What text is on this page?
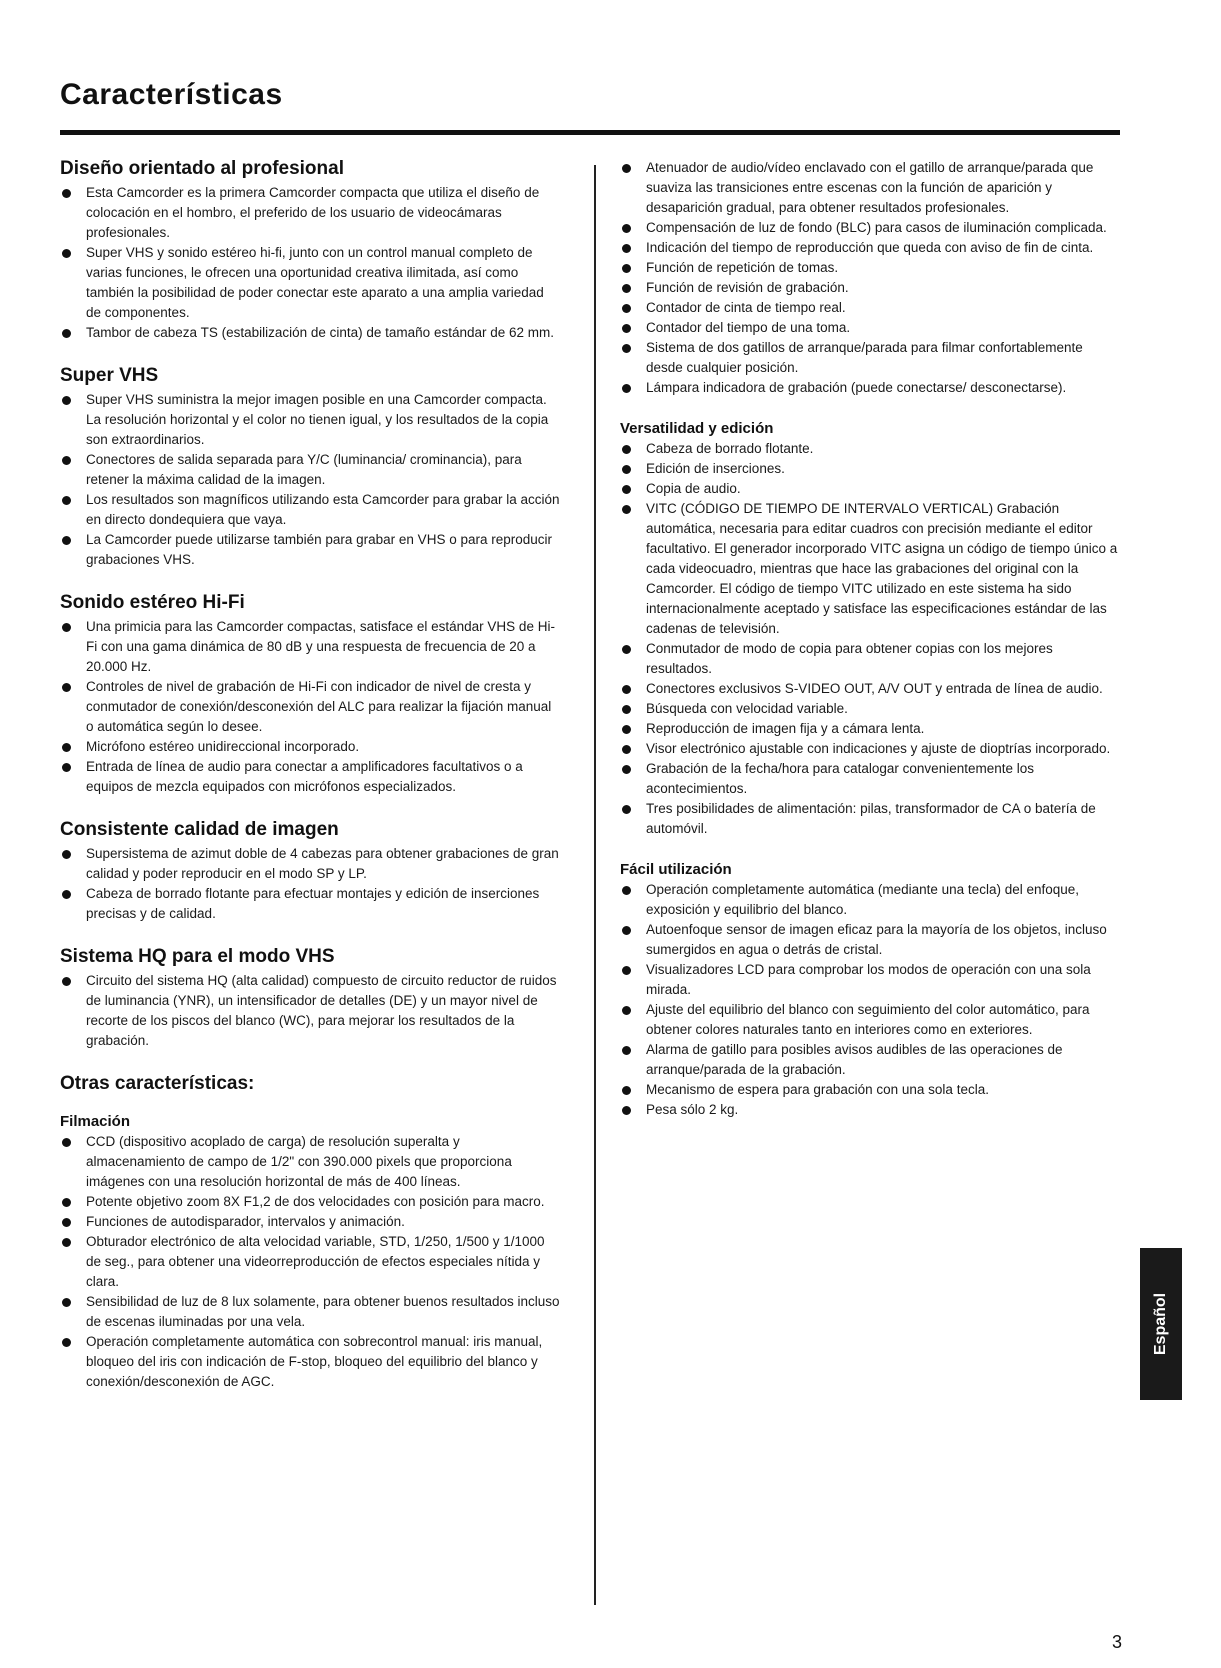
Características
Diseño orientado al profesional
Esta Camcorder es la primera Camcorder compacta que utiliza el diseño de colocación en el hombro, el preferido de los usuario de videocámaras profesionales.
Super VHS y sonido estéreo hi-fi, junto con un control manual completo de varias funciones, le ofrecen una oportunidad creativa ilimitada, así como también la posibilidad de poder conectar este aparato a una amplia variedad de componentes.
Tambor de cabeza TS (estabilización de cinta) de tamaño estándar de 62 mm.
Super VHS
Super VHS suministra la mejor imagen posible en una Camcorder compacta. La resolución horizontal y el color no tienen igual, y los resultados de la copia son extraordinarios.
Conectores de salida separada para Y/C (luminancia/ crominancia), para retener la máxima calidad de la imagen.
Los resultados son magníficos utilizando esta Camcorder para grabar la acción en directo dondequiera que vaya.
La Camcorder puede utilizarse también para grabar en VHS o para reproducir grabaciones VHS.
Sonido estéreo Hi-Fi
Una primicia para las Camcorder compactas, satisface el estándar VHS de Hi-Fi con una gama dinámica de 80 dB y una respuesta de frecuencia de 20 a 20.000 Hz.
Controles de nivel de grabación de Hi-Fi con indicador de nivel de cresta y conmutador de conexión/desconexión del ALC para realizar la fijación manual o automática según lo desee.
Micrófono estéreo unidireccional incorporado.
Entrada de línea de audio para conectar a amplificadores facultativos o a equipos de mezcla equipados con micrófonos especializados.
Consistente calidad de imagen
Supersistema de azimut doble de 4 cabezas para obtener grabaciones de gran calidad y poder reproducir en el modo SP y LP.
Cabeza de borrado flotante para efectuar montajes y edición de inserciones precisas y de calidad.
Sistema HQ para el modo VHS
Circuito del sistema HQ (alta calidad) compuesto de circuito reductor de ruidos de luminancia (YNR), un intensificador de detalles (DE) y un mayor nivel de recorte de los piscos del blanco (WC), para mejorar los resultados de la grabación.
Otras características:
Filmación
CCD (dispositivo acoplado de carga) de resolución superalta y almacenamiento de campo de 1/2" con 390.000 pixels que proporciona imágenes con una resolución horizontal de más de 400 líneas.
Potente objetivo zoom 8X F1,2 de dos velocidades con posición para macro.
Funciones de autodisparador, intervalos y animación.
Obturador electrónico de alta velocidad variable, STD, 1/250, 1/500 y 1/1000 de seg., para obtener una videorreproducción de efectos especiales nítida y clara.
Sensibilidad de luz de 8 lux solamente, para obtener buenos resultados incluso de escenas iluminadas por una vela.
Operación completamente automática con sobrecontrol manual: iris manual, bloqueo del iris con indicación de F-stop, bloqueo del equilibrio del blanco y conexión/desconexión de AGC.
Atenuador de audio/vídeo enclavado con el gatillo de arranque/parada que suaviza las transiciones entre escenas con la función de aparición y desaparición gradual, para obtener resultados profesionales.
Compensación de luz de fondo (BLC) para casos de iluminación complicada.
Indicación del tiempo de reproducción que queda con aviso de fin de cinta.
Función de repetición de tomas.
Función de revisión de grabación.
Contador de cinta de tiempo real.
Contador del tiempo de una toma.
Sistema de dos gatillos de arranque/parada para filmar confortablemente desde cualquier posición.
Lámpara indicadora de grabación (puede conectarse/ desconectarse).
Versatilidad y edición
Cabeza de borrado flotante.
Edición de inserciones.
Copia de audio.
VITC (CÓDIGO DE TIEMPO DE INTERVALO VERTICAL) Grabación automática, necesaria para editar cuadros con precisión mediante el editor facultativo. El generador incorporado VITC asigna un código de tiempo único a cada videocuadro, mientras que hace las grabaciones del original con la Camcorder. El código de tiempo VITC utilizado en este sistema ha sido internacionalmente aceptado y satisface las especificaciones estándar de las cadenas de televisión.
Conmutador de modo de copia para obtener copias con los mejores resultados.
Conectores exclusivos S-VIDEO OUT, A/V OUT y entrada de línea de audio.
Búsqueda con velocidad variable.
Reproducción de imagen fija y a cámara lenta.
Visor electrónico ajustable con indicaciones y ajuste de dioptrías incorporado.
Grabación de la fecha/hora para catalogar convenientemente los acontecimientos.
Tres posibilidades de alimentación: pilas, transformador de CA o batería de automóvil.
Fácil utilización
Operación completamente automática (mediante una tecla) del enfoque, exposición y equilibrio del blanco.
Autoenfoque sensor de imagen eficaz para la mayoría de los objetos, incluso sumergidos en agua o detrás de cristal.
Visualizadores LCD para comprobar los modos de operación con una sola mirada.
Ajuste del equilibrio del blanco con seguimiento del color automático, para obtener colores naturales tanto en interiores como en exteriores.
Alarma de gatillo para posibles avisos audibles de las operaciones de arranque/parada de la grabación.
Mecanismo de espera para grabación con una sola tecla.
Pesa sólo 2 kg.
Español
3
